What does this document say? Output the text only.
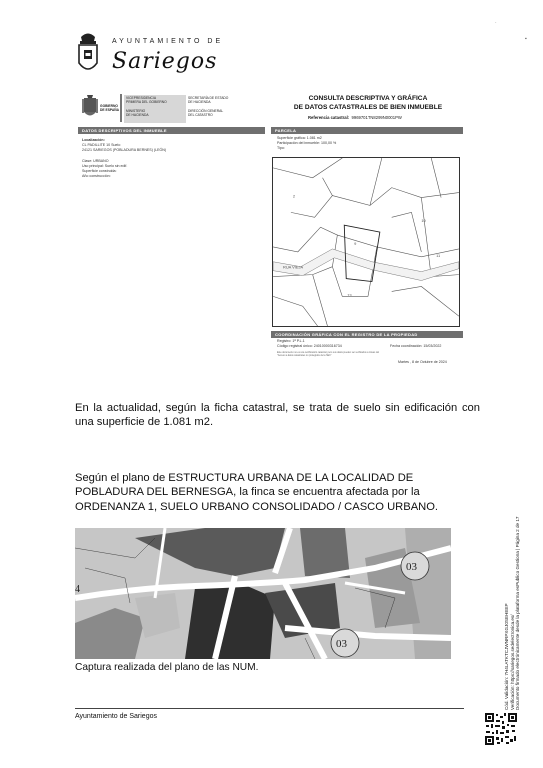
AYUNTAMIENTO DE
Sariegos
GOBIERNO
DE ESPAÑA
VICEPRESIDENCIA
PRIMERA DEL GOBIERNO

MINISTERIO
DE HACIENDA
SECRETARÍA DE ESTADO
DE HACIENDA

DIRECCIÓN GENERAL
DEL CATASTRO
CONSULTA DESCRIPTIVA Y GRÁFICA
DE DATOS CATASTRALES DE BIEN INMUEBLE
Referencia catastral: 9969701TN8299N0001PW
DATOS DESCRIPTIVOS DEL INMUEBLE	PARCELA
Localización:
CL PADILLITE 10 Suelo
24121 SARIEGOS (POBLADURA BERNES) (LEÓN)

Clase: URBANO
Uso principal: Suelo sin edif.
Superficie construida:
Año construcción:
Superficie gráfica: 1.081 m2
Participación del inmueble: 100,00 %
Tipo:
10
2
9
13
11
RUA VIEJA
COORDINACIÓN GRÁFICA CON EL REGISTRO DE LA PROPIEDAD
Registro: 1ª P.L.1
Código registral único: 24010000316734	Fecha coordinación: 15/03/2022
Este documento no es una certificación catastral, pero sus datos pueden ser verificados a través del
"Acceso a datos catastrales no protegidos de la SEC"
Martes , 8 de Octubre de 2024
En la actualidad, según la ficha catastral, se trata de suelo sin edificación con una superficie de 1.081 m2.
Según el plano de ESTRUCTURA URBANA DE LA LOCALIDAD DE POBLADURA DEL BERNESGA, la finca se encuentra afectada por la ORDENANZA 1, SUELO URBANO CONSOLIDADO / CASCO URBANO.
03
03
4
Captura realizada del plano de las NUM.
Ayuntamiento de Sariegos
Cód. Validación: 7H4LATKTCJWNRPXGJ0SEHEEP Verificación: https://sariegos.sedelectronica.es/ Documento firmado electrónicamente desde la plataforma esPublico Gestiona | Página 2 de 17
▪
·
